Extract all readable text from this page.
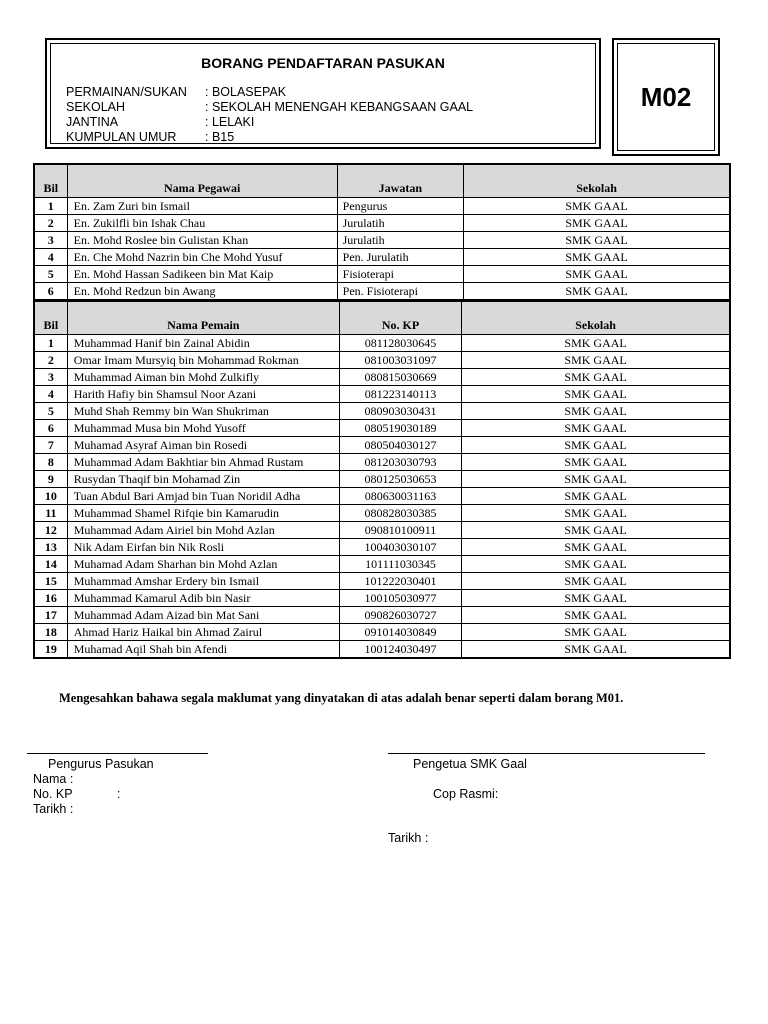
BORANG PENDAFTARAN PASUKAN
PERMAINAN/SUKAN	: BOLASEPAK
SEKOLAH	: SEKOLAH MENENGAH KEBANGSAAN GAAL
JANTINA	: LELAKI
KUMPULAN UMUR	: B15
M02
Bil	Nama Pegawai	Jawatan	Sekolah
1	En. Zam Zuri bin Ismail	Pengurus	SMK GAAL
2	En. Zukilfli bin Ishak Chau	Jurulatih	SMK GAAL
3	En. Mohd Roslee bin Gulistan Khan	Jurulatih	SMK GAAL
4	En. Che Mohd Nazrin bin Che Mohd Yusuf	Pen. Jurulatih	SMK GAAL
5	En. Mohd Hassan Sadikeen bin Mat Kaip	Fisioterapi	SMK GAAL
6	En. Mohd Redzun bin Awang	Pen. Fisioterapi	SMK GAAL
Bil	Nama Pemain	No. KP	Sekolah
1	Muhammad Hanif bin Zainal Abidin	081128030645	SMK GAAL
2	Omar Imam Mursyiq bin Mohammad Rokman	081003031097	SMK GAAL
3	Muhammad Aiman bin Mohd Zulkifly	080815030669	SMK GAAL
4	Harith Hafiy bin Shamsul Noor Azani	081223140113	SMK GAAL
5	Muhd Shah Remmy bin Wan Shukriman	080903030431	SMK GAAL
6	Muhammad Musa bin Mohd Yusoff	080519030189	SMK GAAL
7	Muhamad Asyraf Aiman bin Rosedi	080504030127	SMK GAAL
8	Muhammad Adam Bakhtiar bin Ahmad Rustam	081203030793	SMK GAAL
9	Rusydan Thaqif bin Mohamad Zin	080125030653	SMK GAAL
10	Tuan Abdul Bari Amjad bin Tuan Noridil Adha	080630031163	SMK GAAL
11	Muhammad Shamel Rifqie bin Kamarudin	080828030385	SMK GAAL
12	Muhammad Adam Airiel bin Mohd Azlan	090810100911	SMK GAAL
13	Nik Adam Eirfan bin Nik Rosli	100403030107	SMK GAAL
14	Muhamad Adam Sharhan bin Mohd Azlan	101111030345	SMK GAAL
15	Muhammad Amshar Erdery bin Ismail	101222030401	SMK GAAL
16	Muhammad Kamarul Adib bin Nasir	100105030977	SMK GAAL
17	Muhammad Adam Aizad bin Mat Sani	090826030727	SMK GAAL
18	Ahmad Hariz Haikal bin Ahmad Zairul	091014030849	SMK GAAL
19	Muhamad Aqil Shah bin Afendi	100124030497	SMK GAAL
Mengesahkan bahawa segala maklumat yang dinyatakan di atas adalah benar seperti dalam borang M01.
Pengurus Pasukan
Nama :
No. KP	:
Tarikh :
Pengetua SMK Gaal
Cop Rasmi:
Tarikh :
